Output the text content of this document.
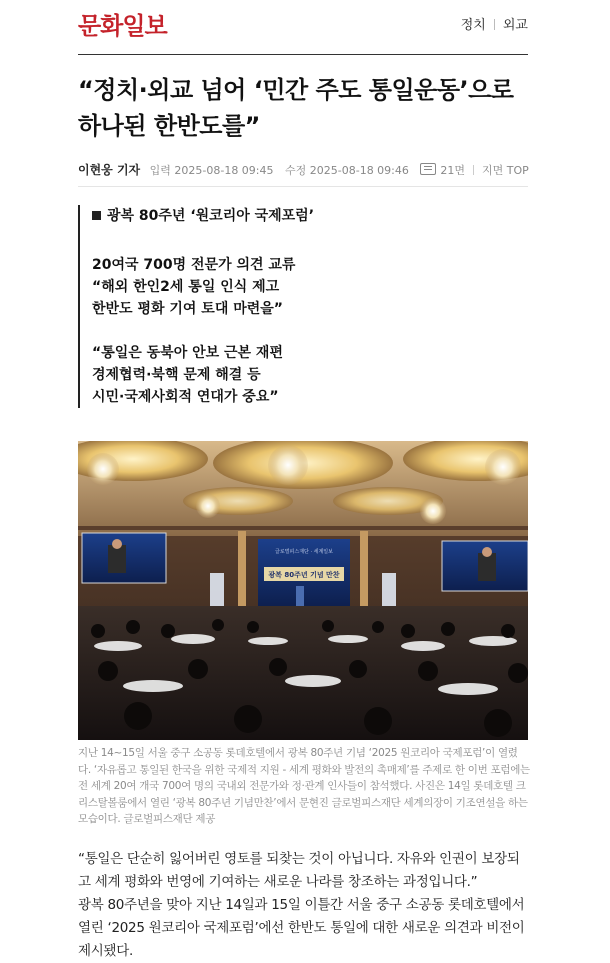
문화일보	정치 외교
“정치·외교 넘어 ‘민간 주도 통일운동’으로 하나된 한반도를”
이현웅 기자 입력 2025-08-18 09:45 수정 2025-08-18 09:46	21면 지면 TOP

광복 80주년 ‘원코리아 국제포럼’

20여국 700명 전문가 의견 교류

“해외 한인2세 통일 인식 제고

한반도 평화 기여 토대 마련을”

“통일은 동북아 안보 근본 재편

경제협력·북핵 문제 해결 등

시민·국제사회적 연대가 중요”

글로벌피스재단 · 세계일보
광복 80주년 기념 만찬

지난 14~15일 서울 중구 소공동 롯데호텔에서 광복 80주년 기념 ‘2025 원코리아 국제포럼’이 열렸다. ‘자유롭고 통일된 한국을 위한 국제적 지원 - 세계 평화와 발전의 촉매제’를 주제로 한 이번 포럼에는 전 세계 20여 개국 700여 명의 국내외 전문가와 정·관계 인사들이 참석했다. 사진은 14일 롯데호텔 크리스탈볼룸에서 열린 ‘광복 80주년 기념만찬’에서 문현진 글로벌피스재단 세계의장이 기조연설을 하는 모습이다. 글로벌피스재단 제공

“통일은 단순히 잃어버린 영토를 되찾는 것이 아닙니다. 자유와 인권이 보장되고 세계 평화와 번영에 기여하는 새로운 나라를 창조하는 과정입니다.”

광복 80주년을 맞아 지난 14일과 15일 이틀간 서울 중구 소공동 롯데호텔에서 열린 ‘2025 원코리아 국제포럼’에선 한반도 통일에 대한 새로운 의견과 비전이 제시됐다.
